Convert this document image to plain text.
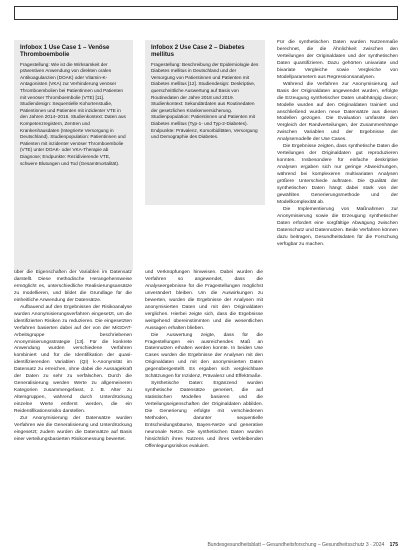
Infobox 1 Use Case 1 – Venöse Thromboembolie

Fragestellung: Wie ist die Wirksamkeit der präventiven Anwendung von direkten oralen Antikoagulanzien (DOAK) oder Vitamin-K-Antagonisten (VKA) zur Verhinderung venöser Thromboembolien bei Patientinnen und Patienten mit venöser Thromboembolie (VTE) [11]. Studiendesign: Sequentielle Kohortenstudie, Patientinnen und Patienten mit inzidenter VTE in den Jahren 2014–2016. Studienkontext: Daten aus Kompetenzregistern, Zentren und Krankenhausdaten (Integrierte Versorgung in Deutschland). Studienpopulation: Patientinnen und Patienten mit inzidenter venöser Thromboembolie (VTE) unter DOAK- oder VKA-Therapie ab Diagnose; Endpunkte: Rezidivierende VTE, schwere Blutungen und Tod (Gesamtmortalität).

Infobox 2 Use Case 2 – Diabetes mellitus

Fragestellung: Beschreibung der Epidemiologie des Diabetes mellitus in Deutschland und der Versorgung von Patientinnen und Patienten mit Diabetes mellitus [12]. Studiendesign: Deskriptive, querschnittliche Auswertung auf Basis von Routinedaten der Jahre 2018 und 2019. Studienkontext: Sekundärdaten aus Routinedaten der gesetzlichen Krankenversicherung. Studienpopulation: Patientinnen und Patienten mit Diabetes mellitus (Typ-1- und Typ-2-Diabetes). Endpunkte: Prävalenz, Komorbiditäten, Versorgung und Demographie des Diabetes.

über die Eigenschaften der Variablen im Datensatz darstellt. Diese methodische Herangehensweise ermöglicht es, unterschiedliche Realisierungsansätze zu modellieren, und bildet die Grundlage für die einheitliche Anwendung der Datensätze.

Aufbauend auf den Ergebnissen der Risikoanalyse wurden Anonymisierungsverfahren eingesetzt, um die identifizierten Risiken zu reduzieren. Die eingesetzten Verfahren basierten dabei auf der von der MiGDAT-Arbeitsgruppe beschriebenen Anonymisierungsstrategie [13]. Für die konkrete Anwendung wurden verschiedene Verfahren kombiniert und für die Identifikation der quasi-identifizierenden Variablen (QI) k-Anonymität im Datensatz zu erreichen, ohne dabei die Aussagekraft der Daten zu sehr zu verfälschen. Durch die Generalisierung werden Werte zu allgemeineren Kategorien zusammengefasst, z. B. Alter zu Altersgruppen, während durch Unterdrückung einzelne Werte entfernt werden, die ein Reidentifikationsrisiko darstellen.

Zur Anonymisierung der Datensätze wurden Verfahren wie die Generalisierung und Unterdrückung eingesetzt; zudem wurden die Datensätze auf Basis einer verteilungsbasierten Risikomessung bewertet.

und Verknüpfungen hinweisen. Dabei wurden die Verfahren so angewendet, dass die Analyseergebnisse für die Fragestellungen möglichst unverändert bleiben. Um die Auswirkungen zu bewerten, wurden die Ergebnisse der Analysen mit anonymisierten Daten und mit den Originaldaten verglichen. Hierbei zeigte sich, dass die Ergebnisse weitgehend übereinstimmten und die wesentlichen Aussagen erhalten blieben.

Die Auswertung zeigte, dass für die Fragestellungen ein ausreichendes Maß an Datennutzen erhalten werden konnte. In beiden Use Cases wurden die Ergebnisse der Analysen mit den Originaldaten und mit den anonymisierten Daten gegenübergestellt. Es ergaben sich vergleichbare Schätzungen für Inzidenz, Prävalenz und Effektmaße.

Synthetische Daten: Ergänzend wurden synthetische Datensätze generiert, die auf statistischen Modellen basieren und die Verteilungseigenschaften der Originaldaten abbilden. Die Generierung erfolgte mit verschiedenen Methoden, darunter sequentielle Entscheidungsbäume, Bayes-Netze und generative neuronale Netze. Die synthetischen Daten wurden hinsichtlich ihres Nutzens und ihres verbleibenden Offenlegungsrisikos evaluiert.

Für die synthetischen Daten wurden Nutzenmaße berechnet, die die Ähnlichkeit zwischen den Verteilungen der Originaldaten und der synthetischen Daten quantifizieren. Dazu gehörten univariate und bivariate Vergleiche sowie Vergleiche von Modellparametern aus Regressionsanalysen.

Während die Verfahren zur Anonymisierung auf Basis der Originaldaten angewendet wurden, erfolgte die Erzeugung synthetischer Daten unabhängig davon; Modelle wurden auf den Originaldaten trainiert und anschließend wurden neue Datensätze aus diesen Modellen gezogen. Die Evaluation umfasste den Vergleich der Randverteilungen, der Zusammenhänge zwischen Variablen und der Ergebnisse der Analysemodelle der Use Cases.

Die Ergebnisse zeigten, dass synthetische Daten die Verteilungen der Originaldaten gut reproduzieren konnten. Insbesondere für einfache deskriptive Analysen ergaben sich nur geringe Abweichungen, während bei komplexeren multivariaten Analysen größere Unterschiede auftraten. Die Qualität der synthetischen Daten hängt dabei stark von der gewählten Generierungsmethode und der Modellkomplexität ab.

Die Implementierung von Maßnahmen zur Anonymisierung sowie die Erzeugung synthetischer Daten erfordert eine sorgfältige Abwägung zwischen Datenschutz und Datennutzen. Beide Verfahren können dazu beitragen, Gesundheitsdaten für die Forschung verfügbar zu machen.

Bundesgesundheitsblatt – Gesundheitsforschung – Gesundheitsschutz 3 · 2024 175
